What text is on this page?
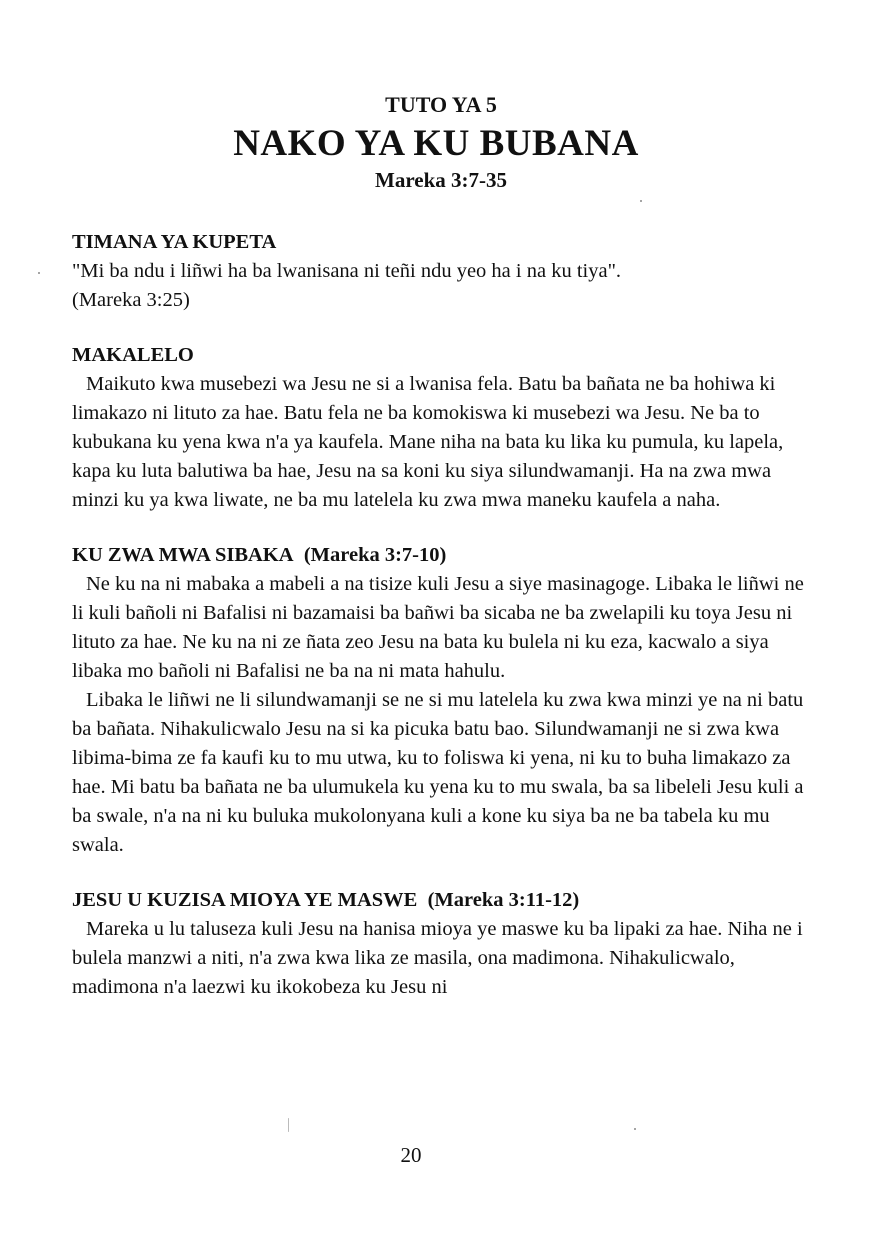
TUTO YA 5
NAKO YA KU BUBANA
Mareka 3:7-35

TIMANA YA KUPETA

"Mi ba ndu i liñwi ha ba lwanisana ni teñi ndu yeo ha i na ku tiya".

(Mareka 3:25)

MAKALELO

Maikuto kwa musebezi wa Jesu ne si a lwanisa fela. Batu ba bañata ne ba hohiwa ki limakazo ni lituto za hae. Batu fela ne ba komokiswa ki musebezi wa Jesu. Ne ba to kubukana ku yena kwa n'a ya kaufela. Mane niha na bata ku lika ku pumula, ku lapela, kapa ku luta balutiwa ba hae, Jesu na sa koni ku siya silundwamanji. Ha na zwa mwa minzi ku ya kwa liwate, ne ba mu latelela ku zwa mwa maneku kaufela a naha.

KU ZWA MWA SIBAKA (Mareka 3:7-10)

Ne ku na ni mabaka a mabeli a na tisize kuli Jesu a siye masinagoge. Libaka le liñwi ne li kuli bañoli ni Bafalisi ni bazamaisi ba bañwi ba sicaba ne ba zwelapili ku toya Jesu ni lituto za hae. Ne ku na ni ze ñata zeo Jesu na bata ku bulela ni ku eza, kacwalo a siya libaka mo bañoli ni Bafalisi ne ba na ni mata hahulu.

Libaka le liñwi ne li silundwamanji se ne si mu latelela ku zwa kwa minzi ye na ni batu ba bañata. Nihakulicwalo Jesu na si ka picuka batu bao. Silundwamanji ne si zwa kwa libima-bima ze fa kaufi ku to mu utwa, ku to foliswa ki yena, ni ku to buha limakazo za hae. Mi batu ba bañata ne ba ulumukela ku yena ku to mu swala, ba sa libeleli Jesu kuli a ba swale, n'a na ni ku buluka mukolonyana kuli a kone ku siya ba ne ba tabela ku mu swala.

JESU U KUZISA MIOYA YE MASWE (Mareka 3:11-12)

Mareka u lu taluseza kuli Jesu na hanisa mioya ye maswe ku ba lipaki za hae. Niha ne i bulela manzwi a niti, n'a zwa kwa lika ze masila, ona madimona. Nihakulicwalo, madimona n'a laezwi ku ikokobeza ku Jesu ni

20
